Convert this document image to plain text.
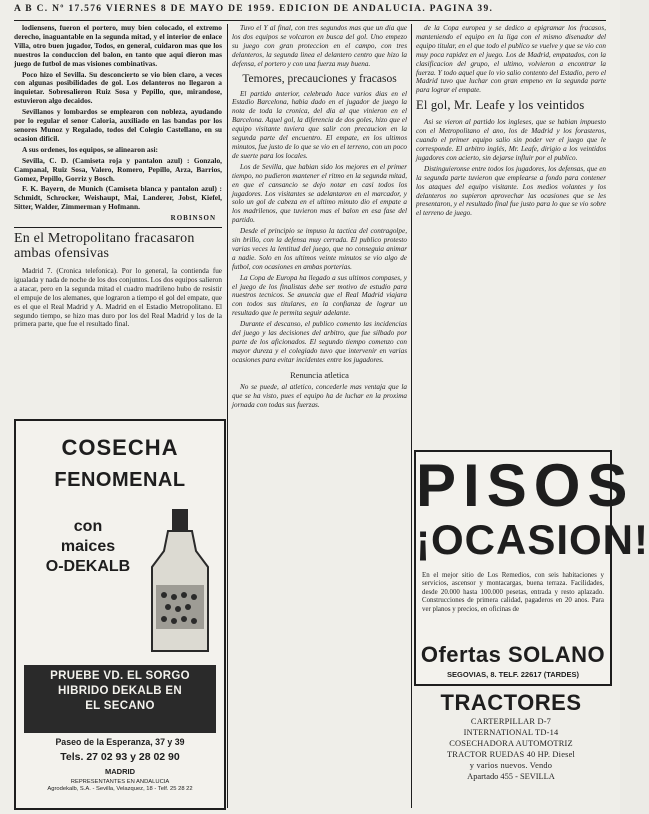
A B C. Nº 17.576 VIERNES 8 DE MAYO DE 1959. EDICION DE ANDALUCIA. PAGINA 39.

lodiensens, fueron el portero, muy bien colocado, el extremo derecho, inaguantable en la segunda mitad, y el interior de enlace Villa, otro buen jugador, Todos, en general, cuidaron mas que los nuestros la conduccion del balon, en tanto que aqui dieron mas juego de futbol de mas visiones combinativas.

Poco hizo el Sevilla. Su desconcierto se vio bien claro, a veces con algunas posibilidades de gol. Los delanteros no llegaron a inquietar. Sobresalieron Ruiz Sosa y Pepillo, que, mirandose, estuvieron algo decaidos.

Sevillanos y lombardos se emplearon con nobleza, ayudando por lo regular el senor Caloria, auxiliado en las bandas por los senores Munoz y Regalado, todos del Colegio Castellano, en su ocasion dificil.

A sus ordenes, los equipos, se alinearon asi:

Sevilla, C. D. (Camiseta roja y pantalon azul) : Gonzalo, Campanal, Ruiz Sosa, Valero, Romero, Pepillo, Arza, Barrios, Gomez, Pepillo, Gorriz y Bosch.

F. K. Bayern, de Munich (Camiseta blanca y pantalon azul) : Schmidt, Schrocker, Weishaupt, Mai, Landerer, Jobst, Kiefel, Sitter, Walder, Zimmerman y Hofmann.

ROBINSON
En el Metropolitano fracasaron ambas ofensivas

Madrid 7. (Cronica telefonica). Por lo general, la contienda fue igualada y nada de noche de los dos conjuntos. Los dos equipos salieron a atacar, pero en la segunda mitad el cuadro madrileno hubo de resistir el empuje de los alemanes, que lograron a tiempo el gol del empate, que es el que el Real Madrid y A. Madrid en el Estadio Metropolitano. El segundo tiempo, se hizo mas duro por los del Real Madrid y los de la primera parte, que fue el resultado final.

COSECHA
FENOMENAL
con
maices
O-DEKALB
PRUEBE VD. EL SORGO
HIBRIDO DEKALB EN
EL SECANO
Paseo de la Esperanza, 37 y 39
Tels. 27 02 93 y 28 02 90
MADRID
REPRESENTANTES EN ANDALUCIA
Agrodekalb, S.A. - Sevilla, Velazquez, 18 - Telf. 25 28 22

Tuvo el Y al final, con tres segundos mas que un dia que los dos equipos se volcaron en busca del gol. Uno empezo su juego con gran proteccion en el campo, con tres delanteros, la segunda linea el delantero centro que hizo la defensa, el portero y con una fuerza muy buena.

Temores, precauciones y fracasos

El partido anterior, celebrado hace varios dias en el Estadio Barcelona, habia dado en el jugador de juego la nota de toda la cronica, del dia al que vinieron en el Barcelona. Aquel gol, la diferencia de dos goles, hizo que el equipo visitante tuviera que salir con precaucion en la segunda parte del encuentro. El empate, en los ultimos minutos, fue justo de lo que se vio en el terreno, con un poco de suerte para los locales.

Los de Sevilla, que habian sido los mejores en el primer tiempo, no pudieron mantener el ritmo en la segunda mitad, en que el cansancio se dejo notar en casi todos los jugadores. Los visitantes se adelantaron en el marcador, y solo un gol de cabeza en el ultimo minuto dio el empate a los madrilenos, que tuvieron mas el balon en esa fase del partido.

Desde el principio se impuso la tactica del contragolpe, sin brillo, con la defensa muy cerrada. El publico protesto varias veces la lentitud del juego, que no conseguia animar a nadie. Solo en los ultimos veinte minutos se vio algo de futbol, con ocasiones en ambas porterias.

La Copa de Europa ha llegado a sus ultimos compases, y el juego de los finalistas debe ser motivo de estudio para nuestros tecnicos. Se anuncia que el Real Madrid viajara con todos sus titulares, en la confianza de lograr un resultado que le permita seguir adelante.

Durante el descanso, el publico comento las incidencias del juego y las decisiones del arbitro, que fue silbado por parte de los aficionados. El segundo tiempo comenzo con mayor dureza y el colegiado tuvo que intervenir en varias ocasiones para evitar incidentes entre los jugadores.

Renuncia atletica

No se puede, al atletico, concederle mas ventaja que la que se ha visto, pues el equipo ha de luchar en la proxima jornada con todas sus fuerzas.

de la Copa europea y se dedico a epigramar los fracasos, manteniendo el equipo en la liga con el mismo disenador del equipo titular, en el que todo el publico se vuelve y que se vio con muy poca rapidez en el juego. Los de Madrid, empatados, con la clasificacion del grupo, el ultimo, volvieron a encontrar la fuerza. Y todo aquel que lo vio salio contento del Estadio, pero el Madrid tuvo que luchar con gran empeno en la segunda parte para lograr el empate.

El gol, Mr. Leafe y los veintidos

Asi se vieron al partido los ingleses, que se habian impuesto con el Metropolitano el ano, los de Madrid y los forasteros, cuando el primer equipo salio sin poder ver el juego que le corresponde. El arbitro inglés, Mr. Leafe, dirigio a los veintidos jugadores con acierto, sin dejarse influir por el publico.

Distinguieronse entre todos los jugadores, los defensas, que en la segunda parte tuvieron que emplearse a fondo para contener los ataques del equipo visitante. Los medios volantes y los delanteros no supieron aprovechar las ocasiones que se les presentaron, y el resultado final fue justo para lo que se vio sobre el terreno de juego.

PISOS
¡OCASION!
En el mejor sitio de Los Remedios, con seis habitaciones y servicios, ascensor y montacargas, buena terraza. Facilidades, desde 20.000 hasta 100.000 pesetas, entrada y resto aplazado. Construcciones de primera calidad, pagaderos en 20 anos. Para ver planos y precios, en oficinas de
Ofertas SOLANO
SEGOVIAS, 8. TELF. 22617 (TARDES)
TRACTORES
CARTERPILLAR D-7
INTERNATIONAL TD-14
COSECHADORA AUTOMOTRIZ
TRACTOR RUEDAS 40 HP. Diesel
y varios nuevos. Vendo
Apartado 455 - SEVILLA
